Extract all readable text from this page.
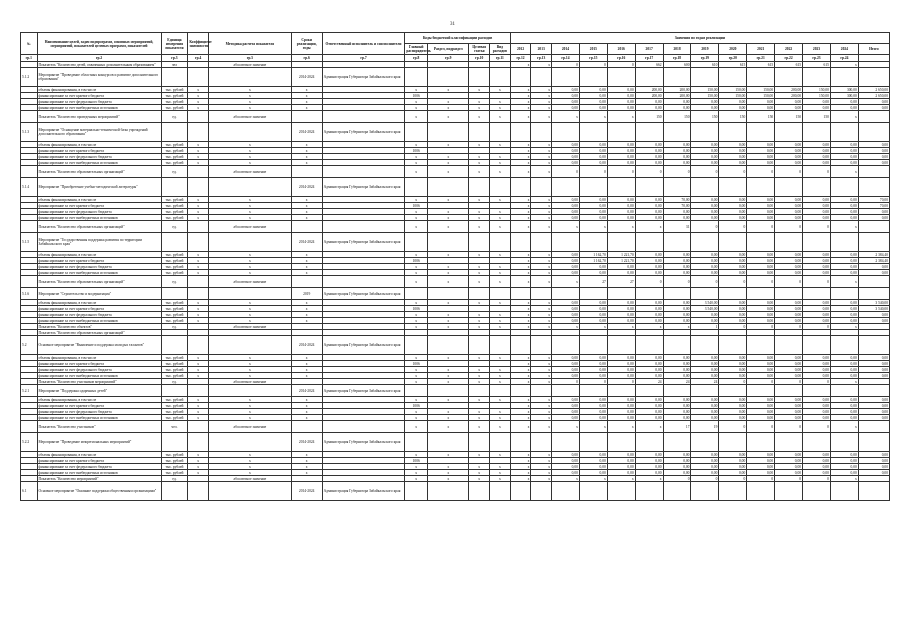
31
№	Наименование целей, задач подпрограмм, основных мероприятий, мероприятий, показателей целевых программ, показателей	Единица измерения показателя	Коэффициент значимости	Методика расчета показателя	Сроки реализации, годы	Ответственный исполнитель и соисполнители	Коды бюджетной классификации расходов				Значения по годам реализации													
							Главный распорядитель	Раздел, подраздел	Целевая статья	Вид расходов	2012	2013	2014	2015	2016	2017	2018	2019	2020	2021	2022	2023	2024	Итого
гр.1	гр.2	гр.3	гр.4	гр.5	гр.6	гр.7	гр.8	гр.9	гр.10	гр.11	гр.12	гр.13	гр.14	гр.15	гр.16	гр.17	гр.18	гр.19	гр.20	гр.21	гр.22	гр.23	гр.24	
	Показатель "Количество детей, охваченных дополнительным образованием"	чел		абсолютное значение							x	x	0	0	0	662	600	610	615	615	615	615	x	
5.1.2	Мероприятие "Проведение областных конкурсов и развитие дополнительного образования"				2014-2024	Администрация Губернатора Забайкальского края																		
	объемы финансирования, в том числе	тыс. рублей	x	x	x		x	x	x	x	x	x	0,00	0,00	0,00	200,00	200,00	150,00	150,00	150,00	200,00	150,00	300,00	2 650,00
	финансирование за счет краевого бюджета	тыс. рублей	x	x	x		1006				x	x	0,00	0,00	0,00	200,00	200,00	150,00	150,00	150,00	200,00	150,00	300,00	2 650,00
	финансирование за счет федерального бюджета	тыс. рублей	x	x	x		x	x	x	x	x	x	0,00	0,00	0,00	0,00	0,00	0,00	0,00	0,00	0,00	0,00	0,00	0,00
	финансирование за счет внебюджетных источников	тыс. рублей	x	x	x		x	x	x	x	x	x	0,00	0,00	0,00	0,00	0,00	0,00	0,00	0,00	0,00	0,00	0,00	0,00
	Показатель "Количество проведенных мероприятий"	ед.		абсолютное значение			x	x	x	x	x	x	x	x	x	150	150	150	150	150	150	150	x	
5.1.3	Мероприятие "Оснащение материально-технической базы учреждений дополнительного образования"				2014-2024	Администрация Губернатора Забайкальского края																		
	объемы финансирования, в том числе	тыс. рублей	x	x	x		x	x	x	x	x	x	0,00	0,00	0,00	0,00	0,00	0,00	0,00	0,00	0,00	0,00	0,00	0,00
	финансирование за счет краевого бюджета	тыс. рублей	x	x	x		1006				x	x	0,00	0,00	0,00	0,00	0,00	0,00	0,00	0,00	0,00	0,00	0,00	0,00
	финансирование за счет федерального бюджета	тыс. рублей	x	x	x		x	x	x	x	x	x	0,00	0,00	0,00	0,00	0,00	0,00	0,00	0,00	0,00	0,00	0,00	0,00
	финансирование за счет внебюджетных источников	тыс. рублей	x	x	x		x	x	x	x	x	x	0,00	0,00	0,00	0,00	0,00	0,00	0,00	0,00	0,00	0,00	0,00	0,00
	Показатель "Количество образовательных организаций"	ед.		абсолютное значение			x	x	x	x	x	x	0	0	0	0	0	0	0	0	0	0	x	
5.1.4	Мероприятие "Приобретение учебно-методической литературы"				2014-2024	Администрация Губернатора Забайкальского края																		
	объемы финансирования, в том числе	тыс. рублей	x	x	x		x	x	x	x	x	x	0,00	0,00	0,00	0,00	70,00	0,00	0,00	0,00	0,00	0,00	0,00	70,00
	финансирование за счет краевого бюджета	тыс. рублей	x	x	x		1006				x	x	0,00	0,00	0,00	0,00	70,00	0,00	0,00	0,00	0,00	0,00	0,00	70,00
	финансирование за счет федерального бюджета	тыс. рублей	x	x	x		x	x	x	x	x	x	0,00	0,00	0,00	0,00	0,00	0,00	0,00	0,00	0,00	0,00	0,00	0,00
	финансирование за счет внебюджетных источников	тыс. рублей	x	x	x		x	x	x	x	x	x	0,00	0,00	0,00	0,00	0,00	0,00	0,00	0,00	0,00	0,00	0,00	0,00
	Показатель "Количество образовательных организаций"	ед.		абсолютное значение			x	x	x	x	x	x	x	x	x	x	31	0	0	0	0	0	x	
5.1.5	Мероприятие "Государственная поддержка развития по территории Забайкальского края"				2014-2024	Администрация Губернатора Забайкальского края																		
	объемы финансирования, в том числе	тыс. рублей	x	x	x		x	x	x	x	x	x	0,00	1 162,70	1 221,70	0,00	0,00	0,00	0,00	0,00	0,00	0,00	0,00	2 384,40
	финансирование за счет краевого бюджета	тыс. рублей	x	x	x		1006				x	x	0,00	1 162,70	1 221,70	0,00	0,00	0,00	0,00	0,00	0,00	0,00	0,00	2 384,40
	финансирование за счет федерального бюджета	тыс. рублей	x	x	x		x	x	x	x	x	x	0,00	0,00	0,00	0,00	0,00	0,00	0,00	0,00	0,00	0,00	0,00	0,00
	финансирование за счет внебюджетных источников	тыс. рублей	x	x	x		x	x	x	x	x	x	0,00	0,00	0,00	0,00	0,00	0,00	0,00	0,00	0,00	0,00	0,00	0,00
	Показатель "Количество образовательных организаций"	ед.		абсолютное значение			x	x	x	x	x	x	x	27	27	0	0	0	0	0	0	0	x	
5.1.6	Мероприятие "Строительство и модернизация"				2019	Администрация Губернатора Забайкальского края																		
	объемы финансирования, в том числе	тыс. рублей	x	x	x		x	x	x	x	x	x	0,00	0,00	0,00	0,00	0,00	3 540,00	0,00	0,00	0,00	0,00	0,00	3 540,00
	финансирование за счет краевого бюджета	тыс. рублей	x	x	x		1006				x	x	0,00	0,00	0,00	0,00	0,00	3 540,00	0,00	0,00	0,00	0,00	0,00	3 540,00
	финансирование за счет федерального бюджета	тыс. рублей	x	x	x		x	x	x	x	x	x	0,00	0,00	0,00	0,00	0,00	0,00	0,00	0,00	0,00	0,00	0,00	0,00
	финансирование за счет внебюджетных источников	тыс. рублей	x	x	x		x	x	x	x	x	x	0,00	0,00	0,00	0,00	0,00	0,00	0,00	0,00	0,00	0,00	0,00	0,00
	Показатель "Количество объектов"	ед.		абсолютное значение			x	x	x	x	x	x	x	x	x	x	x	1	0	0	0	0	x	
	Показатель "Количество образовательных организаций"																							
5.2	Основное мероприятие "Выявление и поддержка молодых талантов"				2014-2024	Администрация Губернатора Забайкальского края																		
	объемы финансирования, в том числе	тыс. рублей	x	x	x		x	x	x	x	x	x	0,00	0,00	0,00	0,00	0,00	0,00	0,00	0,00	0,00	0,00	0,00	0,00
	финансирование за счет краевого бюджета	тыс. рублей	x	x	x		1006				x	x	0,00	0,00	0,00	0,00	0,00	0,00	0,00	0,00	0,00	0,00	0,00	0,00
	финансирование за счет федерального бюджета	тыс. рублей	x	x	x		x	x	x	x	x	x	0,00	0,00	0,00	0,00	0,00	0,00	0,00	0,00	0,00	0,00	0,00	0,00
	финансирование за счет внебюджетных источников	тыс. рублей	x	x	x		x	x	x	x	x	x	0,00	0,00	0,00	0,00	0,00	0,00	0,00	0,00	0,00	0,00	0,00	0,00
	Показатель "Количество участников мероприятий"	ед.		абсолютное значение			x	x	x	x	x	x	0	0	0	24	24	24	0	0	0	0	x	
5.2.1	Мероприятие "Поддержка одаренных детей"				2014-2024	Администрация Губернатора Забайкальского края																		
	объемы финансирования, в том числе	тыс. рублей	x	x	x		x	x	x	x	x	x	0,00	0,00	0,00	0,00	0,00	0,00	0,00	0,00	0,00	0,00	0,00	0,00
	финансирование за счет краевого бюджета	тыс. рублей	x	x	x		1006				x	x	0,00	0,00	0,00	0,00	0,00	0,00	0,00	0,00	0,00	0,00	0,00	0,00
	финансирование за счет федерального бюджета	тыс. рублей	x	x	x		x	x	x	x	x	x	0,00	0,00	0,00	0,00	0,00	0,00	0,00	0,00	0,00	0,00	0,00	0,00
	финансирование за счет внебюджетных источников	тыс. рублей	x	x	x		x	x	x	x	x	x	0,00	0,00	0,00	0,00	0,00	0,00	0,00	0,00	0,00	0,00	0,00	0,00
	Показатель "Количество участников"	чел.		абсолютное значение			x	x	x	x	x	x	x	x	x	x	17	19	0	0	0	0	x	
5.2.2	Мероприятие "Проведение межрегиональных мероприятий"				2014-2024	Администрация Губернатора Забайкальского края																		
	объемы финансирования, в том числе	тыс. рублей	x	x	x		x	x	x	x	x	x	0,00	0,00	0,00	0,00	0,00	0,00	0,00	0,00	0,00	0,00	0,00	0,00
	финансирование за счет краевого бюджета	тыс. рублей	x	x	x		1006				x	x	0,00	0,00	0,00	0,00	0,00	0,00	0,00	0,00	0,00	0,00	0,00	0,00
	финансирование за счет федерального бюджета	тыс. рублей	x	x	x		x	x	x	x	x	x	0,00	0,00	0,00	0,00	0,00	0,00	0,00	0,00	0,00	0,00	0,00	0,00
	финансирование за счет внебюджетных источников	тыс. рублей	x	x	x		x	x	x	x	x	x	0,00	0,00	0,00	0,00	0,00	0,00	0,00	0,00	0,00	0,00	0,00	0,00
	Показатель "Количество мероприятий"	ед.		абсолютное значение			x	x	x	x	x	x	x	x	x	x	0	0	0	0	0	0	x	
6.1	Основное мероприятие "Оказание поддержки общественным организациям"				2014-2024	Администрация Губернатора Забайкальского края																		
